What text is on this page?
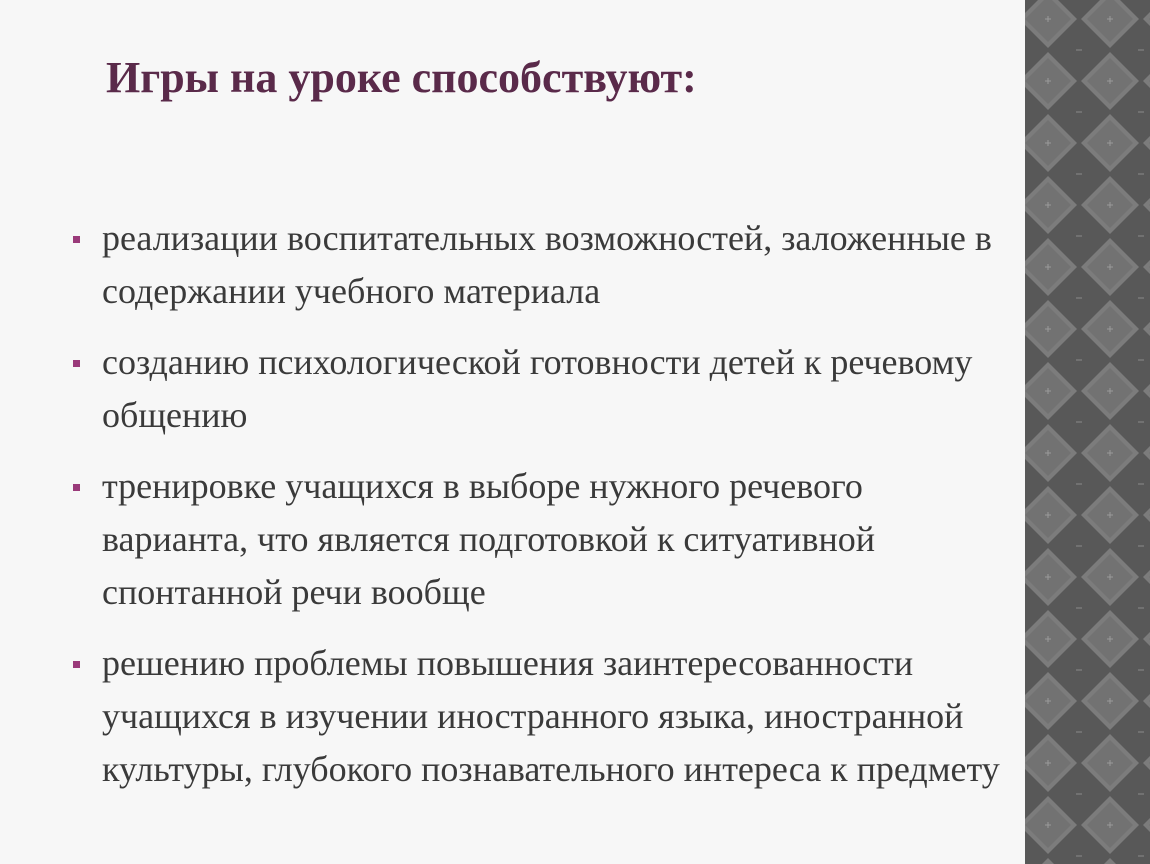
Игры на уроке способствуют:
реализации воспитательных возможностей, заложенные в содержании учебного материала
созданию психологической готовности детей к речевому общению
тренировке учащихся в выборе нужного речевого варианта, что является подготовкой к ситуативной спонтанной речи вообще
решению проблемы повышения заинтересованности учащихся в изучении иностранного языка, иностранной культуры, глубокого познавательного интереса к предмету
